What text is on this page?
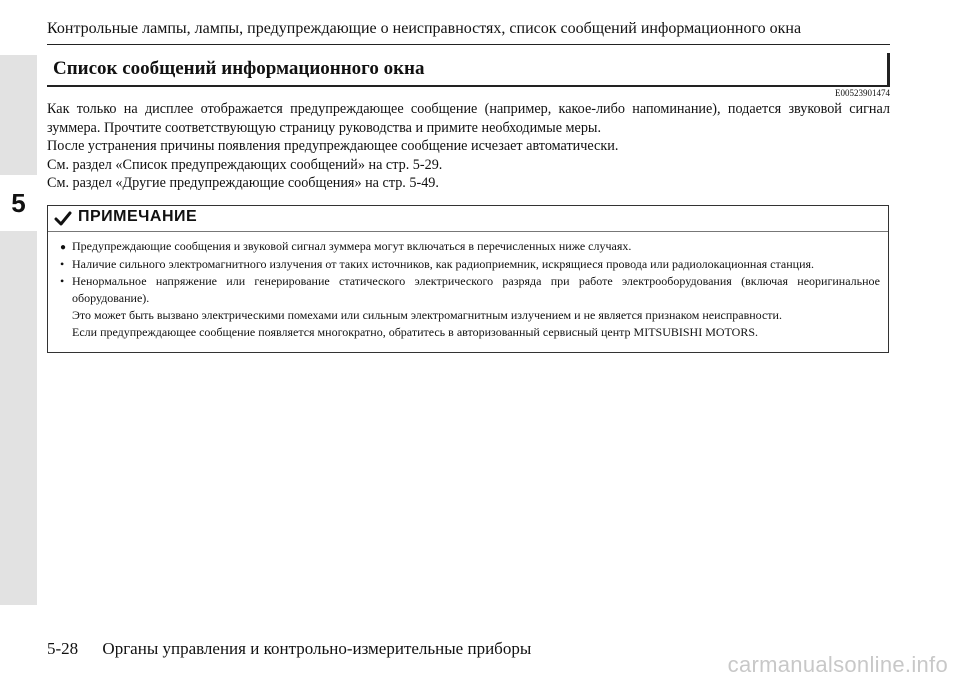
5
Контрольные лампы, лампы, предупреждающие о неисправностях, список сообщений информационного окна
Список сообщений информационного окна
E00523901474

Как только на дисплее отображается предупреждающее сообщение (например, какое-либо напоминание), подается звуковой сигнал зуммера. Прочтите соответствующую страницу руководства и примите необходимые меры.

После устранения причины появления предупреждающее сообщение исчезает автоматически.

См. раздел «Список предупреждающих сообщений» на стр. 5-29.

См. раздел «Другие предупреждающие сообщения» на стр. 5-49.

ПРИМЕЧАНИЕ
● Предупреждающие сообщения и звуковой сигнал зуммера могут включаться в перечисленных ниже случаях.

• Наличие сильного электромагнитного излучения от таких источников, как радиоприемник, искрящиеся провода или радиолокационная станция.

• Ненормальное напряжение или генерирование статического электрического разряда при работе электрооборудования (включая неоригинальное оборудование).

Это может быть вызвано электрическими помехами или сильным электромагнитным излучением и не является признаком неисправности.

Если предупреждающее сообщение появляется многократно, обратитесь в авторизованный сервисный центр MITSUBISHI MOTORS.

5-28 Органы управления и контрольно-измерительные приборы
carmanualsonline.info
